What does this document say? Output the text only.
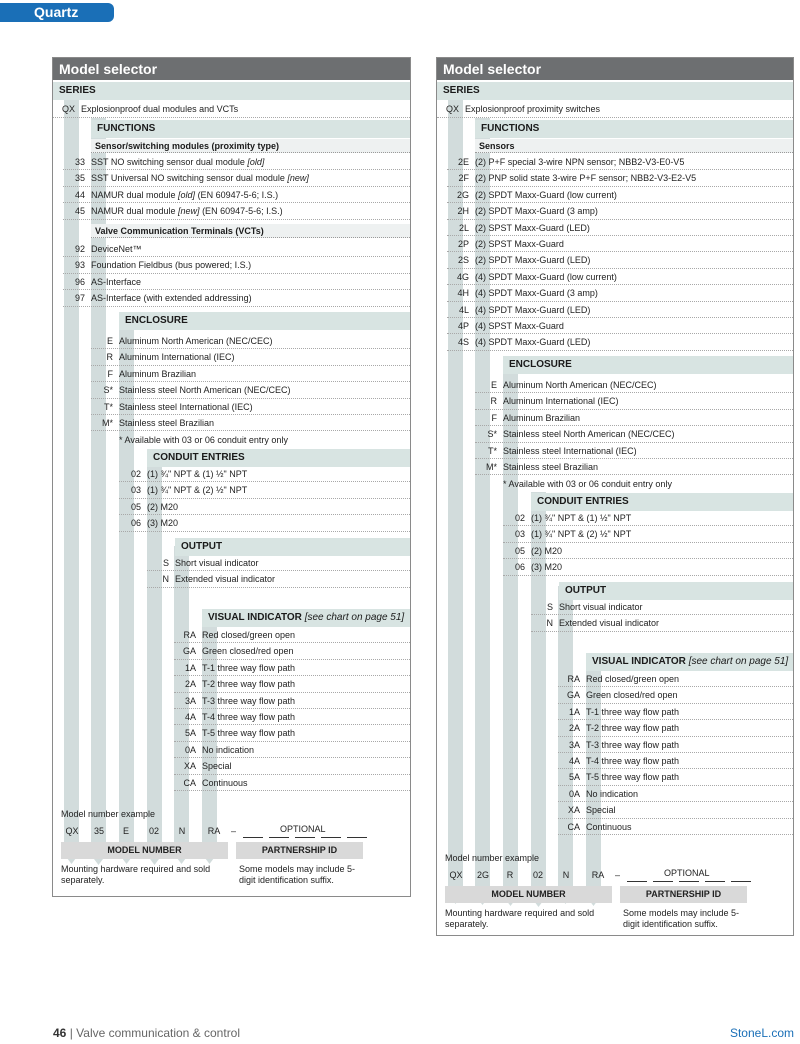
Quartz
Model selector
SERIES
QX Explosionproof dual modules and VCTs
FUNCTIONS
Sensor/switching modules (proximity type)
33 SST NO switching sensor dual module [old]
35 SST Universal NO switching sensor dual module [new]
44 NAMUR dual module [old] (EN 60947-5-6; I.S.)
45 NAMUR dual module [new] (EN 60947-5-6; I.S.)
Valve Communication Terminals (VCTs)
92 DeviceNet™
93 Foundation Fieldbus (bus powered; I.S.)
96 AS-Interface
97 AS-Interface (with extended addressing)
ENCLOSURE
E Aluminum North American (NEC/CEC)
R Aluminum International (IEC)
F Aluminum Brazilian
S* Stainless steel North American (NEC/CEC)
T* Stainless steel International (IEC)
M* Stainless steel Brazilian
* Available with 03 or 06 conduit entry only
CONDUIT ENTRIES
02 (1) ¾" NPT & (1) ½" NPT
03 (1) ¾" NPT & (2) ½" NPT
05 (2) M20
06 (3) M20
OUTPUT
S Short visual indicator
N Extended visual indicator
VISUAL INDICATOR [see chart on page 51]
RA Red closed/green open
GA Green closed/red open
1A T-1 three way flow path
2A T-2 three way flow path
3A T-3 three way flow path
4A T-4 three way flow path
5A T-5 three way flow path
0A No indication
XA Special
CA Continuous
Model number example
QX	35	E	02	N	RA	–	OPTIONAL
MODEL NUMBER	PARTNERSHIP ID
Mounting hardware required and sold separately.
Some models may include 5-digit identification suffix.
Model selector
SERIES
QX Explosionproof proximity switches
FUNCTIONS
Sensors
2E (2) P+F special 3-wire NPN sensor; NBB2-V3-E0-V5
2F (2) PNP solid state 3-wire P+F sensor; NBB2-V3-E2-V5
2G (2) SPDT Maxx-Guard (low current)
2H (2) SPDT Maxx-Guard (3 amp)
2L (2) SPST Maxx-Guard (LED)
2P (2) SPST Maxx-Guard
2S (2) SPDT Maxx-Guard (LED)
4G (4) SPDT Maxx-Guard (low current)
4H (4) SPDT Maxx-Guard (3 amp)
4L (4) SPDT Maxx-Guard (LED)
4P (4) SPST Maxx-Guard
4S (4) SPDT Maxx-Guard (LED)
ENCLOSURE
E Aluminum North American (NEC/CEC)
R Aluminum International (IEC)
F Aluminum Brazilian
S* Stainless steel North American (NEC/CEC)
T* Stainless steel International (IEC)
M* Stainless steel Brazilian
* Available with 03 or 06 conduit entry only
CONDUIT ENTRIES
02 (1) ¾" NPT & (1) ½" NPT
03 (1) ¾" NPT & (2) ½" NPT
05 (2) M20
06 (3) M20
OUTPUT
S Short visual indicator
N Extended visual indicator
VISUAL INDICATOR [see chart on page 51]
RA Red closed/green open
GA Green closed/red open
1A T-1 three way flow path
2A T-2 three way flow path
3A T-3 three way flow path
4A T-4 three way flow path
5A T-5 three way flow path
0A No indication
XA Special
CA Continuous
Model number example
QX	2G	R	02	N	RA	–	OPTIONAL
MODEL NUMBER	PARTNERSHIP ID
Mounting hardware required and sold separately.
Some models may include 5-digit identification suffix.
46 | Valve communication & control	StoneL.com
